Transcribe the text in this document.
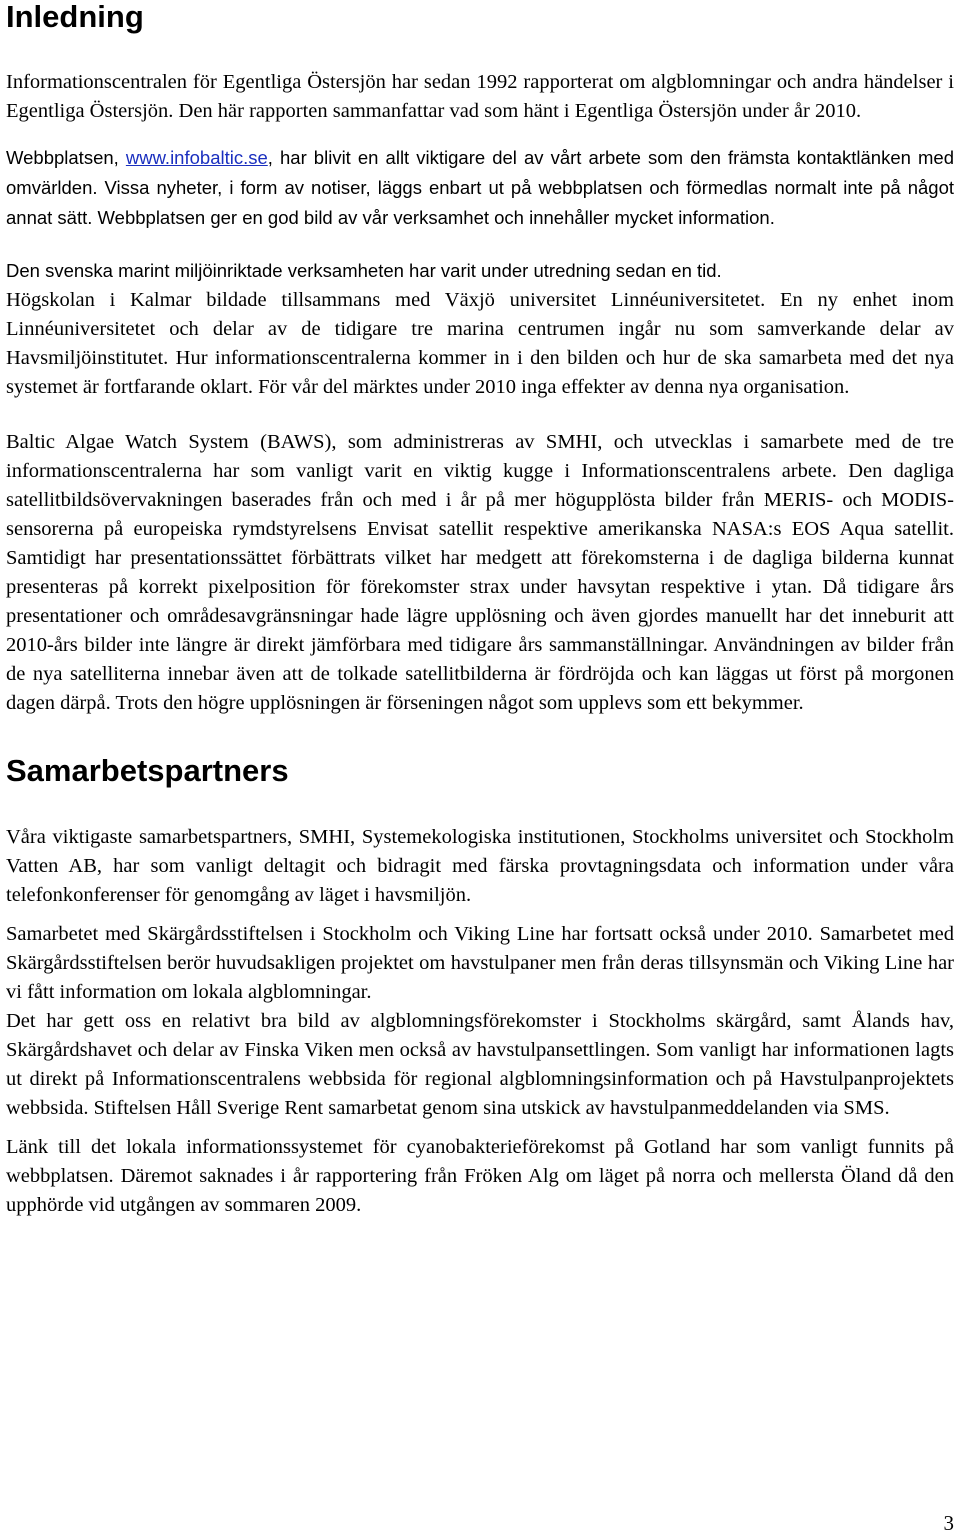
Inledning

Informationscentralen för Egentliga Östersjön har sedan 1992 rapporterat om algblomningar och andra händelser i Egentliga Östersjön. Den här rapporten sammanfattar vad som hänt i Egentliga Östersjön under år 2010.

Webbplatsen, www.infobaltic.se, har blivit en allt viktigare del av vårt arbete som den främsta kontaktlänken med omvärlden. Vissa nyheter, i form av notiser, läggs enbart ut på webbplatsen och förmedlas normalt inte på något annat sätt. Webbplatsen ger en god bild av vår verksamhet och innehåller mycket information.

Den svenska marint miljöinriktade verksamheten har varit under utredning sedan en tid.

Högskolan i Kalmar bildade tillsammans med Växjö universitet Linnéuniversitetet. En ny enhet inom Linnéuniversitetet och delar av de tidigare tre marina centrumen ingår nu som samverkande delar av Havsmiljöinstitutet. Hur informationscentralerna kommer in i den bilden och hur de ska samarbeta med det nya systemet är fortfarande oklart. För vår del märktes under 2010 inga effekter av denna nya organisation.

Baltic Algae Watch System (BAWS), som administreras av SMHI, och utvecklas i samarbete med de tre informationscentralerna har som vanligt varit en viktig kugge i Informationscentralens arbete. Den dagliga satellitbildsövervakningen baserades från och med i år på mer högupplösta bilder från MERIS- och MODIS-sensorerna på europeiska rymdstyrelsens Envisat satellit respektive amerikanska NASA:s EOS Aqua satellit. Samtidigt har presentationssättet förbättrats vilket har medgett att förekomsterna i de dagliga bilderna kunnat presenteras på korrekt pixelposition för förekomster strax under havsytan respektive i ytan. Då tidigare års presentationer och områdesavgränsningar hade lägre upplösning och även gjordes manuellt har det inneburit att 2010-års bilder inte längre är direkt jämförbara med tidigare års sammanställningar. Användningen av bilder från de nya satelliterna innebar även att de tolkade satellitbilderna är fördröjda och kan läggas ut först på morgonen dagen därpå. Trots den högre upplösningen är förseningen något som upplevs som ett bekymmer.

Samarbetspartners

Våra viktigaste samarbetspartners, SMHI, Systemekologiska institutionen, Stockholms universitet och Stockholm Vatten AB, har som vanligt deltagit och bidragit med färska provtagningsdata och information under våra telefonkonferenser för genomgång av läget i havsmiljön.

Samarbetet med Skärgårdsstiftelsen i Stockholm och Viking Line har fortsatt också under 2010. Samarbetet med Skärgårdsstiftelsen berör huvudsakligen projektet om havstulpaner men från deras tillsynsmän och Viking Line har vi fått information om lokala algblomningar.

Det har gett oss en relativt bra bild av algblomningsförekomster i Stockholms skärgård, samt Ålands hav, Skärgårdshavet och delar av Finska Viken men också av havstulpansettlingen. Som vanligt har informationen lagts ut direkt på Informationscentralens webbsida för regional algblomningsinformation och på Havstulpanprojektets webbsida. Stiftelsen Håll Sverige Rent samarbetat genom sina utskick av havstulpanmeddelanden via SMS.

Länk till det lokala informationssystemet för cyanobakterieförekomst på Gotland har som vanligt funnits på webbplatsen. Däremot saknades i år rapportering från Fröken Alg om läget på norra och mellersta Öland då den upphörde vid utgången av sommaren 2009.

3
